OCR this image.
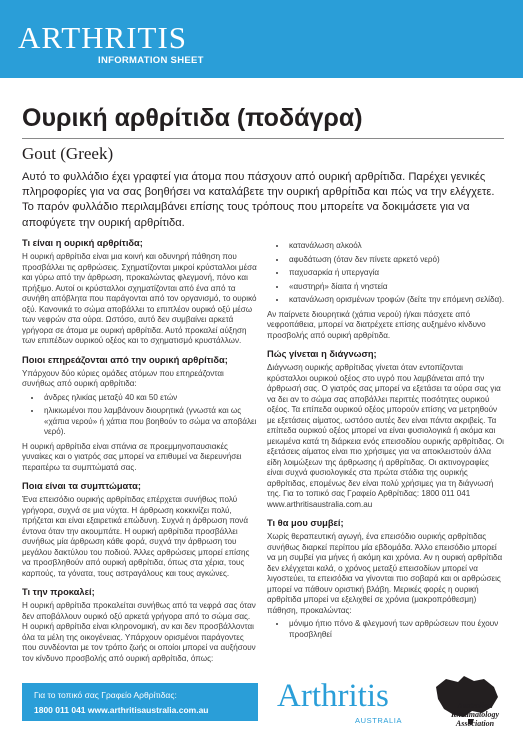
ARTHRITIS
INFORMATION SHEET
Ουρική αρθρίτιδα (ποδάγρα)
Gout (Greek)
Αυτό το φυλλάδιο έχει γραφτεί για άτομα που πάσχουν από ουρική αρθρίτιδα. Παρέχει γενικές πληροφορίες για να σας βοηθήσει να καταλάβετε την ουρική αρθρίτιδα και πώς να την ελέγχετε. Το παρόν φυλλάδιο περιλαμβάνει επίσης τους τρόπους που μπορείτε να δοκιμάσετε για να αποφύγετε την ουρική αρθρίτιδα.
Τι είναι η ουρική αρθρίτιδα;

Η ουρική αρθρίτιδα είναι μια κοινή και οδυνηρή πάθηση που προσβάλλει τις αρθρώσεις. Σχηματίζονται μικροί κρύσταλλοι μέσα και γύρω από την άρθρωση, προκαλώντας φλεγμονή, πόνο και πρήξιμο. Αυτοί οι κρύσταλλοι σχηματίζονται από ένα από τα συνήθη απόβλητα που παράγονται από τον οργανισμό, το ουρικό οξύ. Κανονικά το σώμα αποβάλλει το επιπλέον ουρικό οξύ μέσω των νεφρών στα ούρα. Ωστόσο, αυτό δεν συμβαίνει αρκετά γρήγορα σε άτομα με ουρική αρθρίτιδα. Αυτό προκαλεί αύξηση των επιπέδων ουρικού οξέος και το σχηματισμό κρυστάλλων.

Ποιοι επηρεάζονται από την ουρική αρθρίτιδα;

Υπάρχουν δύο κύριες ομάδες ατόμων που επηρεάζονται συνήθως από ουρική αρθρίτιδα:

• άνδρες ηλικίας μεταξύ 40 και 50 ετών
• ηλικιωμένοι που λαμβάνουν διουρητικά (γνωστά και ως «χάπια νερού» ή χάπια που βοηθούν το σώμα να αποβάλει νερό).

Η ουρική αρθρίτιδα είναι σπάνια σε προεμμηνοπαυσιακές γυναίκες και ο γιατρός σας μπορεί να επιθυμεί να διερευνήσει περαιτέρω τα συμπτώματά σας.

Ποια είναι τα συμπτώματα;

Ένα επεισόδιο ουρικής αρθρίτιδας επέρχεται συνήθως πολύ γρήγορα, συχνά σε μια νύχτα. Η άρθρωση κοκκινίζει πολύ, πρήζεται και είναι εξαιρετικά επώδυνη. Συχνά η άρθρωση πονά έντονα όταν την ακουμπάτε. Η ουρική αρθρίτιδα προσβάλλει συνήθως μία άρθρωση κάθε φορά, συχνά την άρθρωση του μεγάλου δακτύλου του ποδιού. Άλλες αρθρώσεις μπορεί επίσης να προσβληθούν από ουρική αρθρίτιδα, όπως στα χέρια, τους καρπούς, τα γόνατα, τους αστραγάλους και τους αγκώνες.

Τι την προκαλεί;

Η ουρική αρθρίτιδα προκαλείται συνήθως από τα νεφρά σας όταν δεν αποβάλλουν ουρικό οξύ αρκετά γρήγορα από το σώμα σας. Η ουρική αρθρίτιδα είναι κληρονομική, αν και δεν προσβάλλονται όλα τα μέλη της οικογένειας. Υπάρχουν ορισμένοι παράγοντες που συνδέονται με τον τρόπο ζωής οι οποίοι μπορεί να αυξήσουν τον κίνδυνο προσβολής από ουρική αρθρίτιδα, όπως:

• κατανάλωση αλκοόλ
• αφυδάτωση (όταν δεν πίνετε αρκετό νερό)
• παχυσαρκία ή υπεργαγία
• «αυστηρή» δίαιτα ή νηστεία
• κατανάλωση ορισμένων τροφών (δείτε την επόμενη σελίδα).

Αν παίρνετε διουρητικά (χάπια νερού) ή/και πάσχετε από νεφροπάθεια, μπορεί να διατρέχετε επίσης αυξημένο κίνδυνο προσβολής από ουρική αρθρίτιδα.

Πώς γίνεται η διάγνωση;

Διάγνωση ουρικής αρθρίτιδας γίνεται όταν εντοπίζονται κρύσταλλοι ουρικού οξέος στο υγρό που λαμβάνεται από την άρθρωσή σας. Ο γιατρός σας μπορεί να εξετάσει τα ούρα σας για να δει αν το σώμα σας αποβάλλει περιττές ποσότητες ουρικού οξέος. Τα επίπεδα ουρικού οξέος μπορούν επίσης να μετρηθούν με εξετάσεις αίματος, ωστόσο αυτές δεν είναι πάντα ακριβείς. Τα επίπεδα ουρικού οξέος μπορεί να είναι φυσιολογικά ή ακόμα και μειωμένα κατά τη διάρκεια ενός επεισοδίου ουρικής αρθρίτιδας. Οι εξετάσεις αίματος είναι πιο χρήσιμες για να αποκλειστούν άλλα είδη λοιμώξεων της άρθρωσης ή αρθρίτιδας. Οι ακτινογραφίες είναι συχνά φυσιολογικές στα πρώτα στάδια της ουρικής αρθρίτιδας, επομένως δεν είναι πολύ χρήσιμες για τη διάγνωσή της. Για το τοπικό σας Γραφείο Αρθρίτιδας: 1800 011 041 www.arthritisaustralia.com.au

Τι θα μου συμβεί;

Χωρίς θεραπευτική αγωγή, ένα επεισόδιο ουρικής αρθρίτιδας συνήθως διαρκεί περίπου μία εβδομάδα. Άλλο επεισόδιο μπορεί να μη συμβεί για μήνες ή ακόμη και χρόνια. Αν η ουρική αρθρίτιδα δεν ελέγχεται καλά, ο χρόνος μεταξύ επεισοδίων μπορεί να λιγοστεύει, τα επεισόδια να γίνονται πιο σοβαρά και οι αρθρώσεις μπορεί να πάθουν οριστική βλάβη. Μερικές φορές η ουρική αρθρίτιδα μπορεί να εξελιχθεί σε χρόνια (μακροπρόθεσμη) πάθηση, προκαλώντας:

• μόνιμο ήπιο πόνο & φλεγμονή των αρθρώσεων που έχουν προσβληθεί
Για το τοπικό σας Γραφείο Αρθρίτιδας:
1800 011 041 www.arthritisaustralia.com.au Arthritis
AUSTRALIA
Australian Rheumatology Association
